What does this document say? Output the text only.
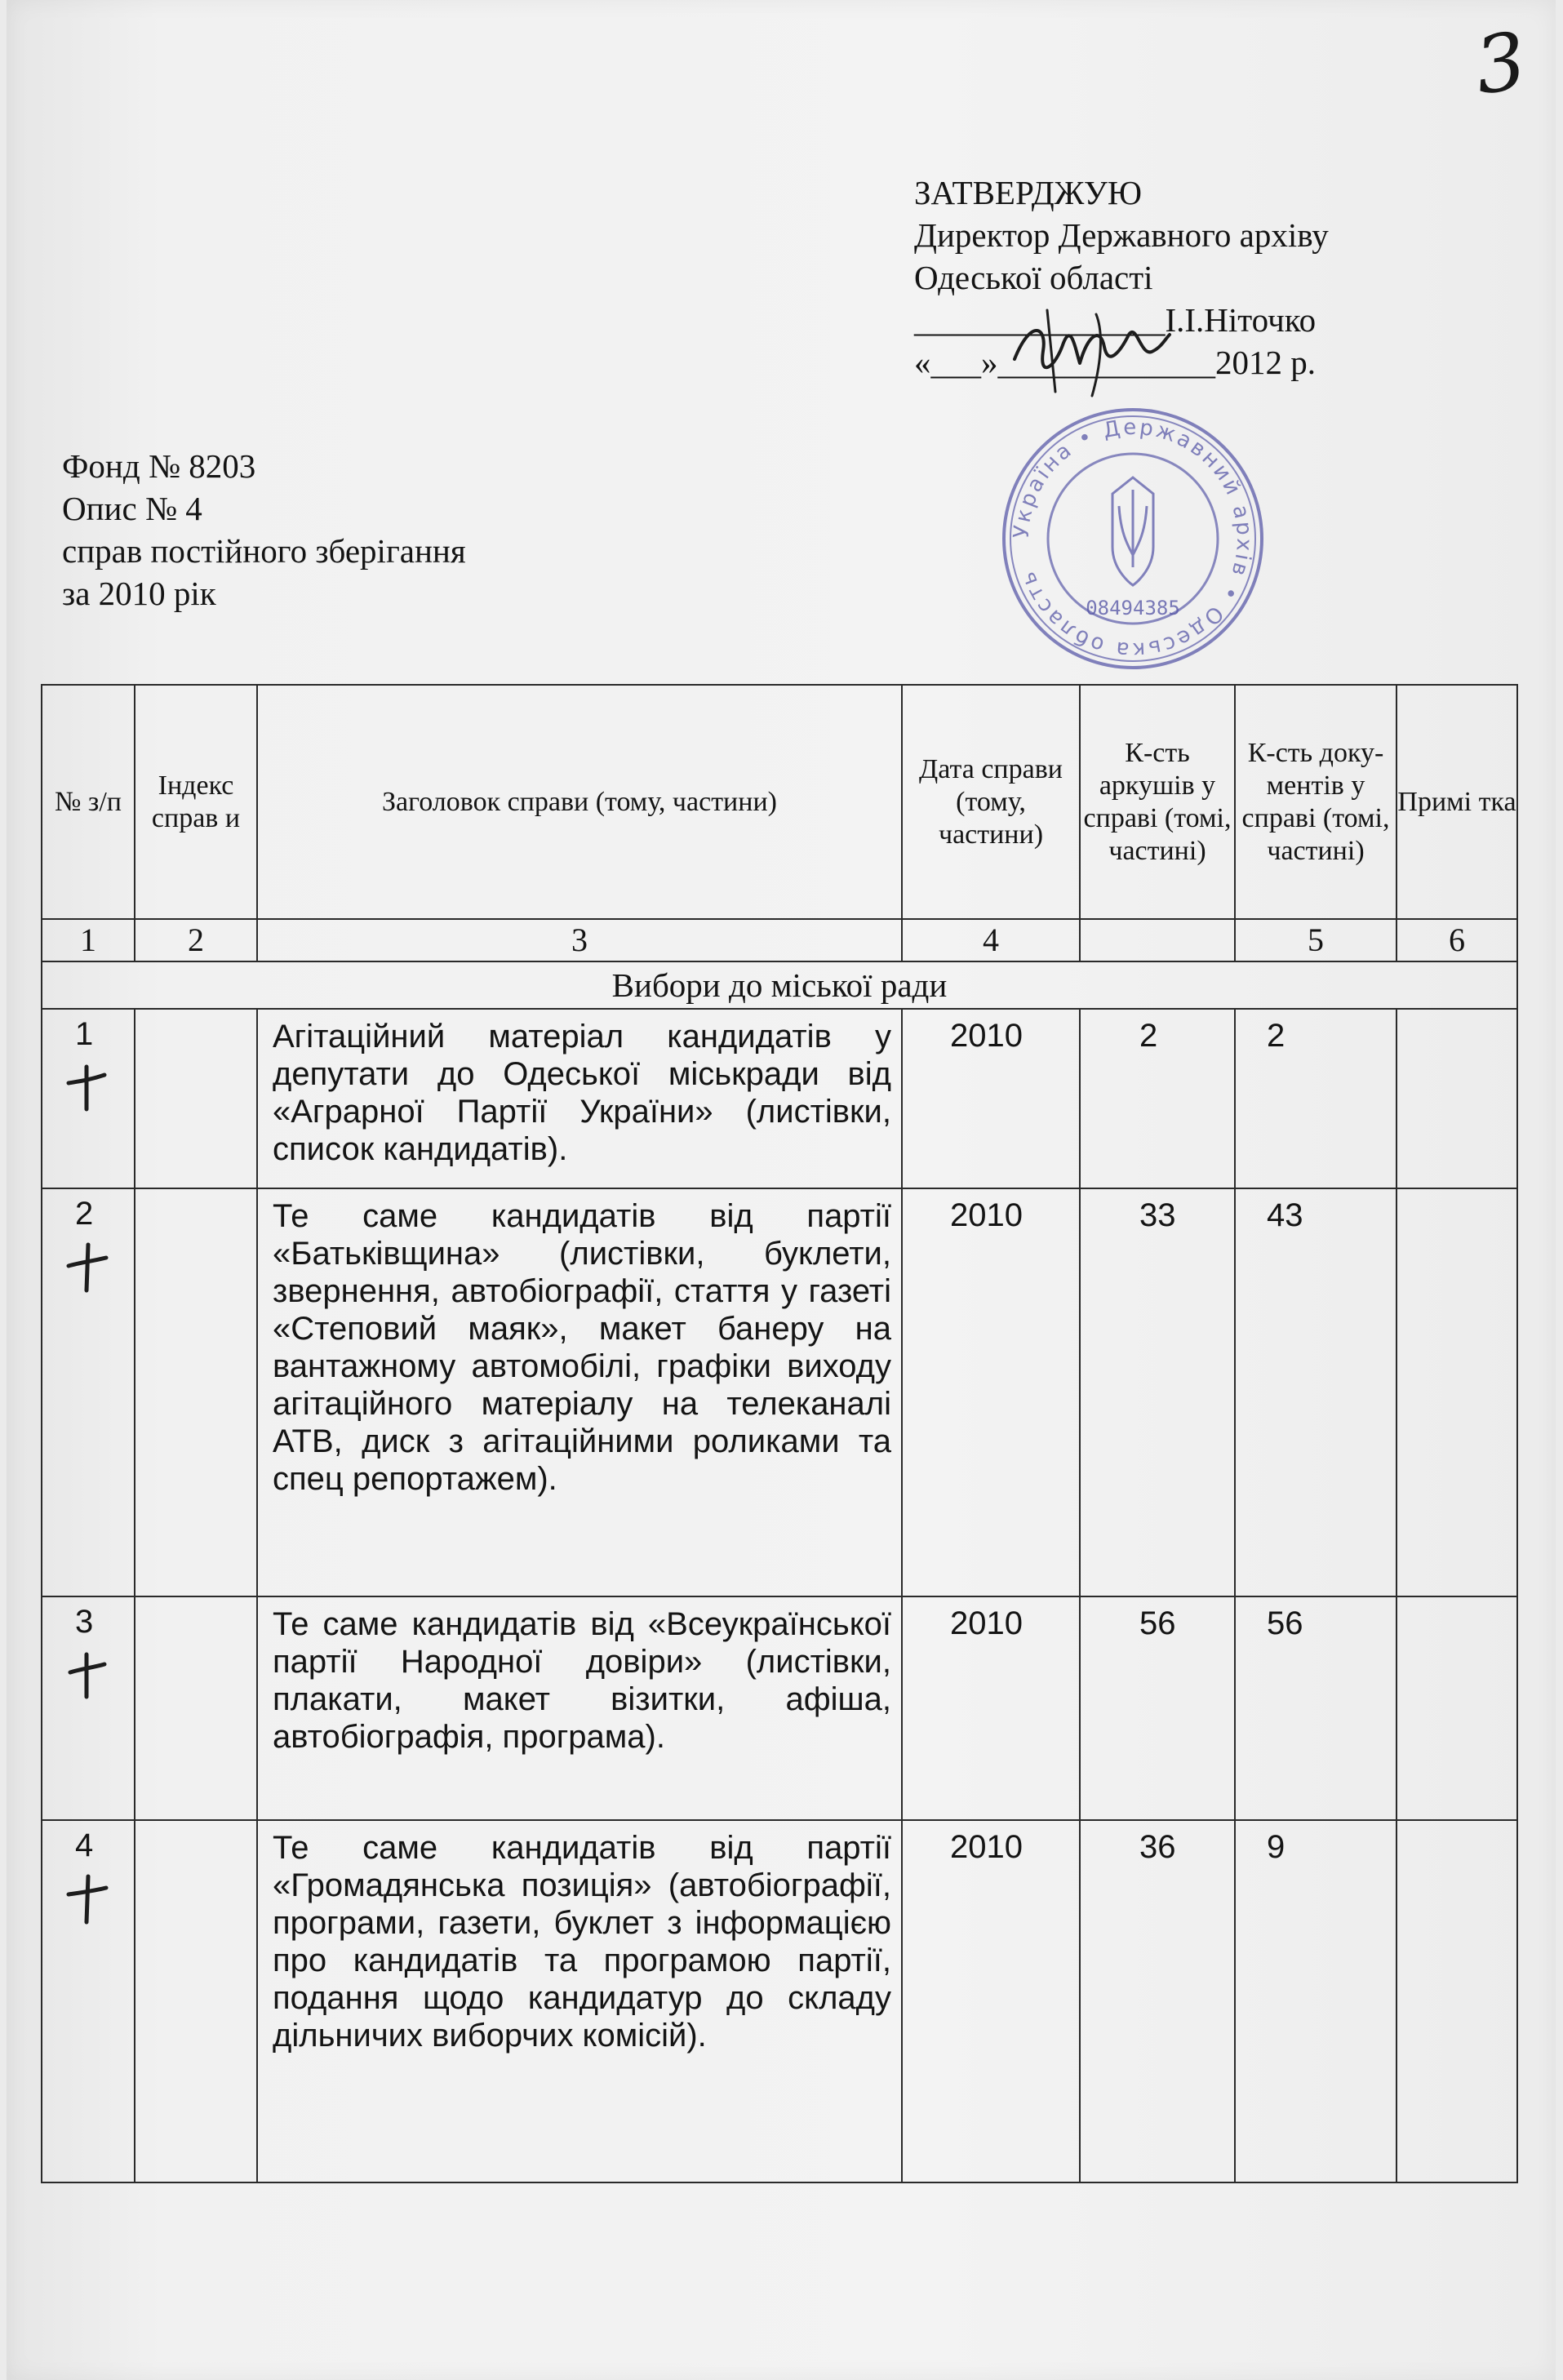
3
ЗАТВЕРДЖУЮ
Директор Державного архіву
Одеської області
_______________І.І.Ніточко
«___»_____________2012 р.
Україна • Державний архів • Одеська область
08494385
Фонд № 8203
Опис № 4
справ постійного зберігання
за 2010 рік
№ з/п	Індекс справ и	Заголовок справи (тому, частини)	Дата справи (тому, частини)	К-сть аркушів у справі (томі, частині)	К-сть доку-ментів у справі (томі, частині)	Примі тка
1	2	3	4		5	6
Вибори до міської ради						

1		Агітаційний матеріал кандидатів у депутати до Одеської міськради від «Аграрної Партії України» (листівки, список кандидатів).	2010	2	2	

2		Те саме кандидатів від партії «Батьківщина» (листівки, буклети, звернення, автобіографії, стаття у газеті «Степовий маяк», макет банеру на вантажному автомобілі, графіки виходу агітаційного матеріалу на телеканалі АТВ, диск з агітаційними роликами та спец репортажем).	2010	33	43	

3		Те саме кандидатів від «Всеукраїнської партії Народної довіри» (листівки, плакати, макет візитки, афіша, автобіографія, програма).	2010	56	56	

4		Те саме кандидатів від партії «Громадянська позиція» (автобіографії, програми, газети, буклет з інформацією про кандидатів та програмою партії, подання щодо кандидатур до складу дільничих виборчих комісій).	2010	36	9	
